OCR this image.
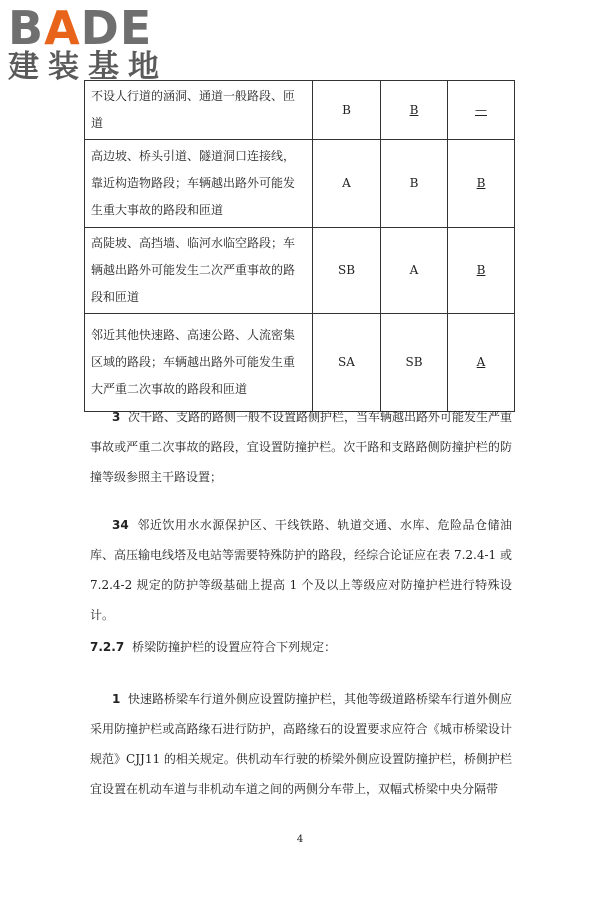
BADE
建装基地
不设人行道的涵洞、通道一般路段、匝道	B	B	—
高边坡、桥头引道、隧道洞口连接线，靠近构造物路段；车辆越出路外可能发生重大事故的路段和匝道	A	B	B
高陡坡、高挡墙、临河水临空路段；车辆越出路外可能发生二次严重事故的路段和匝道	SB	A	B
邻近其他快速路、高速公路、人流密集区域的路段；车辆越出路外可能发生重大严重二次事故的路段和匝道	SA	SB	A
3 次干路、支路的路侧一般不设置路侧护栏，当车辆越出路外可能发生严重事故或严重二次事故的路段，宜设置防撞护栏。次干路和支路路侧防撞护栏的防撞等级参照主干路设置；
34 邻近饮用水水源保护区、干线铁路、轨道交通、水库、危险品仓储油库、高压输电线塔及电站等需要特殊防护的路段，经综合论证应在表 7.2.4-1 或 7.2.4-2 规定的防护等级基础上提高 1 个及以上等级应对防撞护栏进行特殊设计。
7.2.7 桥梁防撞护栏的设置应符合下列规定：
1 快速路桥梁车行道外侧应设置防撞护栏，其他等级道路桥梁车行道外侧应采用防撞护栏或高路缘石进行防护，高路缘石的设置要求应符合《城市桥梁设计规范》CJJ11 的相关规定。供机动车行驶的桥梁外侧应设置防撞护栏，桥侧护栏宜设置在机动车道与非机动车道之间的两侧分车带上，双幅式桥梁中央分隔带
4
